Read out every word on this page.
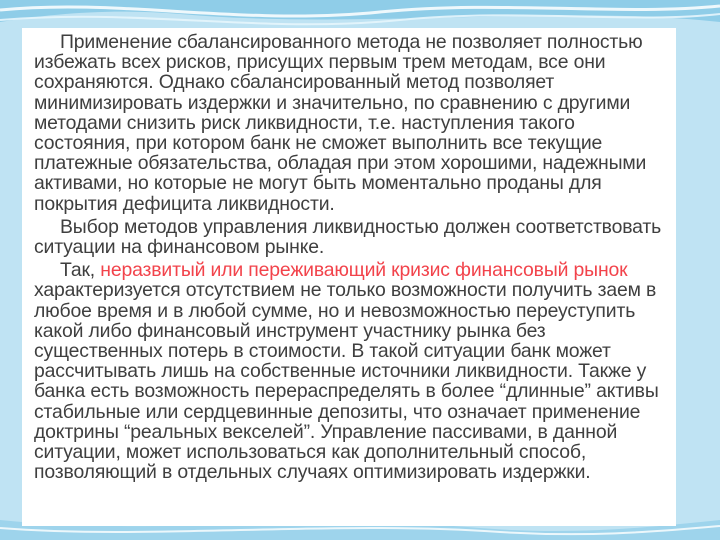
Применение сбалансированного метода не позволяет полностью избежать всех рисков, присущих первым трем методам, все они сохраняются. Однако сбалансированный метод позволяет минимизировать издержки и значительно, по сравнению с другими методами снизить риск ликвидности, т.е. наступления такого состояния, при котором банк не сможет выполнить все текущие платежные обязательства, обладая при этом хорошими, надежными активами, но которые не могут быть моментально проданы для покрытия дефицита ликвидности.

Выбор методов управления ликвидностью должен соответствовать ситуации на финансовом рынке.

Так, неразвитый или переживающий кризис финансовый рынок характеризуется отсутствием не только возможности получить заем в любое время и в любой сумме, но и невозможностью переуступить какой либо финансовый инструмент участнику рынка без существенных потерь в стоимости. В такой ситуации банк может рассчитывать лишь на собственные источники ликвидности. Также у банка есть возможность перераспределять в более “длинные” активы стабильные или сердцевинные депозиты, что означает применение доктрины “реальных векселей”. Управление пассивами, в данной ситуации, может использоваться как дополнительный способ, позволяющий в отдельных случаях оптимизировать издержки.
